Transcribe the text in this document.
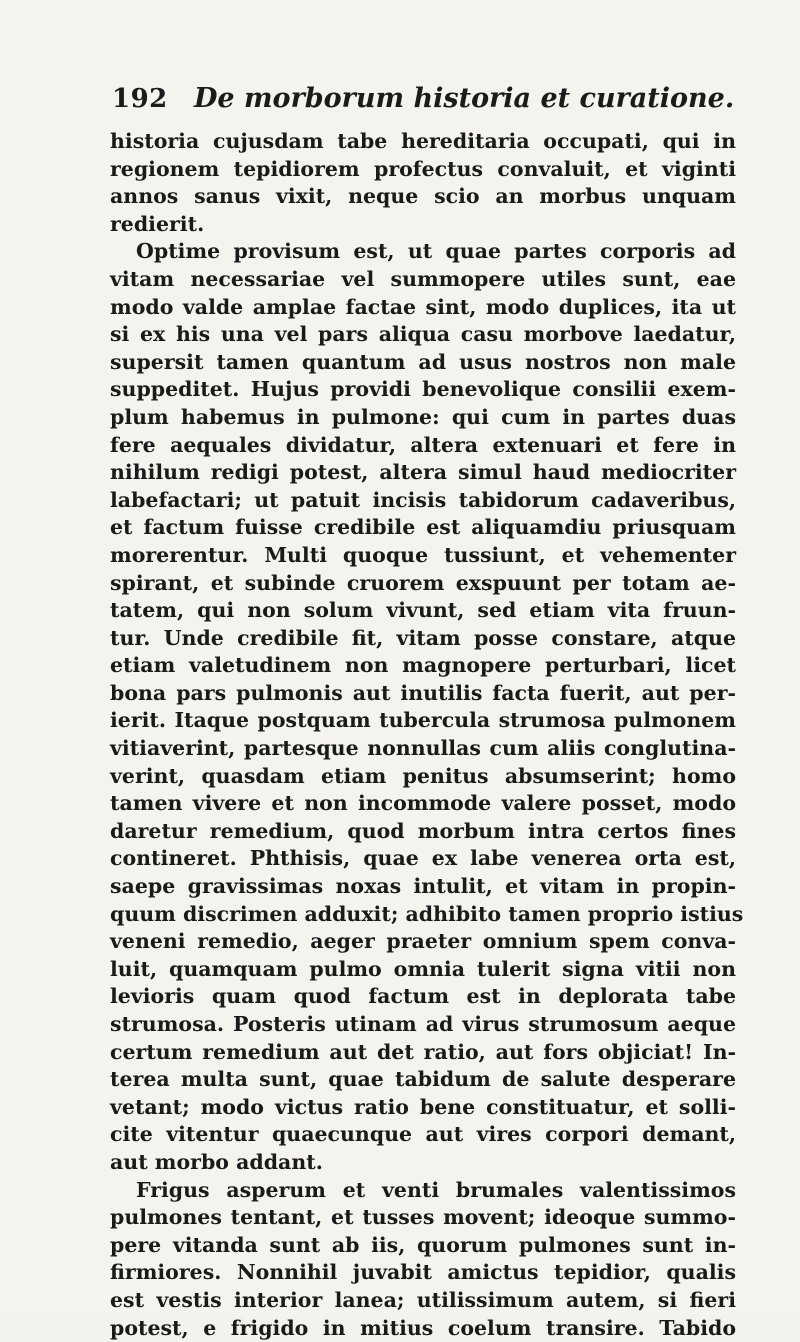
192 De morborum historia et curatione.
historia cujusdam tabe hereditaria occupati, qui in
regionem tepidiorem profectus convaluit, et viginti
annos sanus vixit, neque scio an morbus unquam
redierit.
Optime provisum est, ut quae partes corporis ad
vitam necessariae vel summopere utiles sunt, eae
modo valde amplae factae sint, modo duplices, ita ut
si ex his una vel pars aliqua casu morbove laedatur,
supersit tamen quantum ad usus nostros non male
suppeditet. Hujus providi benevolique consilii exem-
plum habemus in pulmone: qui cum in partes duas
fere aequales dividatur, altera extenuari et fere in
nihilum redigi potest, altera simul haud mediocriter
labefactari; ut patuit incisis tabidorum cadaveribus,
et factum fuisse credibile est aliquamdiu priusquam
morerentur. Multi quoque tussiunt, et vehementer
spirant, et subinde cruorem exspuunt per totam ae-
tatem, qui non solum vivunt, sed etiam vita fruun-
tur. Unde credibile fit, vitam posse constare, atque
etiam valetudinem non magnopere perturbari, licet
bona pars pulmonis aut inutilis facta fuerit, aut per-
ierit. Itaque postquam tubercula strumosa pulmonem
vitiaverint, partesque nonnullas cum aliis conglutina-
verint, quasdam etiam penitus absumserint; homo
tamen vivere et non incommode valere posset, modo
daretur remedium, quod morbum intra certos fines
contineret. Phthisis, quae ex labe venerea orta est,
saepe gravissimas noxas intulit, et vitam in propin-
quum discrimen adduxit; adhibito tamen proprio istius
veneni remedio, aeger praeter omnium spem conva-
luit, quamquam pulmo omnia tulerit signa vitii non
levioris quam quod factum est in deplorata tabe
strumosa. Posteris utinam ad virus strumosum aeque
certum remedium aut det ratio, aut fors objiciat! In-
terea multa sunt, quae tabidum de salute desperare
vetant; modo victus ratio bene constituatur, et solli-
cite vitentur quaecunque aut vires corpori demant,
aut morbo addant.
Frigus asperum et venti brumales valentissimos
pulmones tentant, et tusses movent; ideoque summo-
pere vitanda sunt ab iis, quorum pulmones sunt in-
firmiores. Nonnihil juvabit amictus tepidior, qualis
est vestis interior lanea; utilissimum autem, si fieri
potest, e frigido in mitius coelum transire. Tabido
